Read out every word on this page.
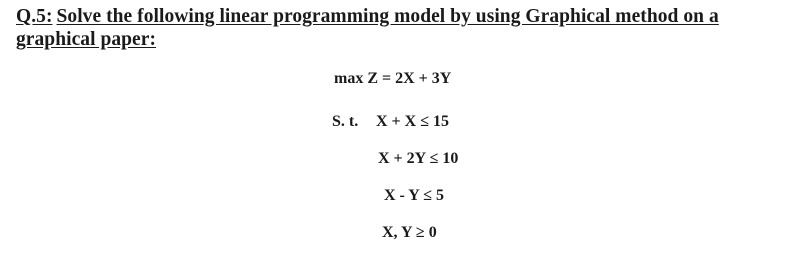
Q.5: Solve the following linear programming model by using Graphical method on a graphical paper:
max Z = 2X + 3Y
S. t. X + X ≤ 15
X + 2Y ≤ 10
X - Y ≤ 5
X, Y ≥ 0
